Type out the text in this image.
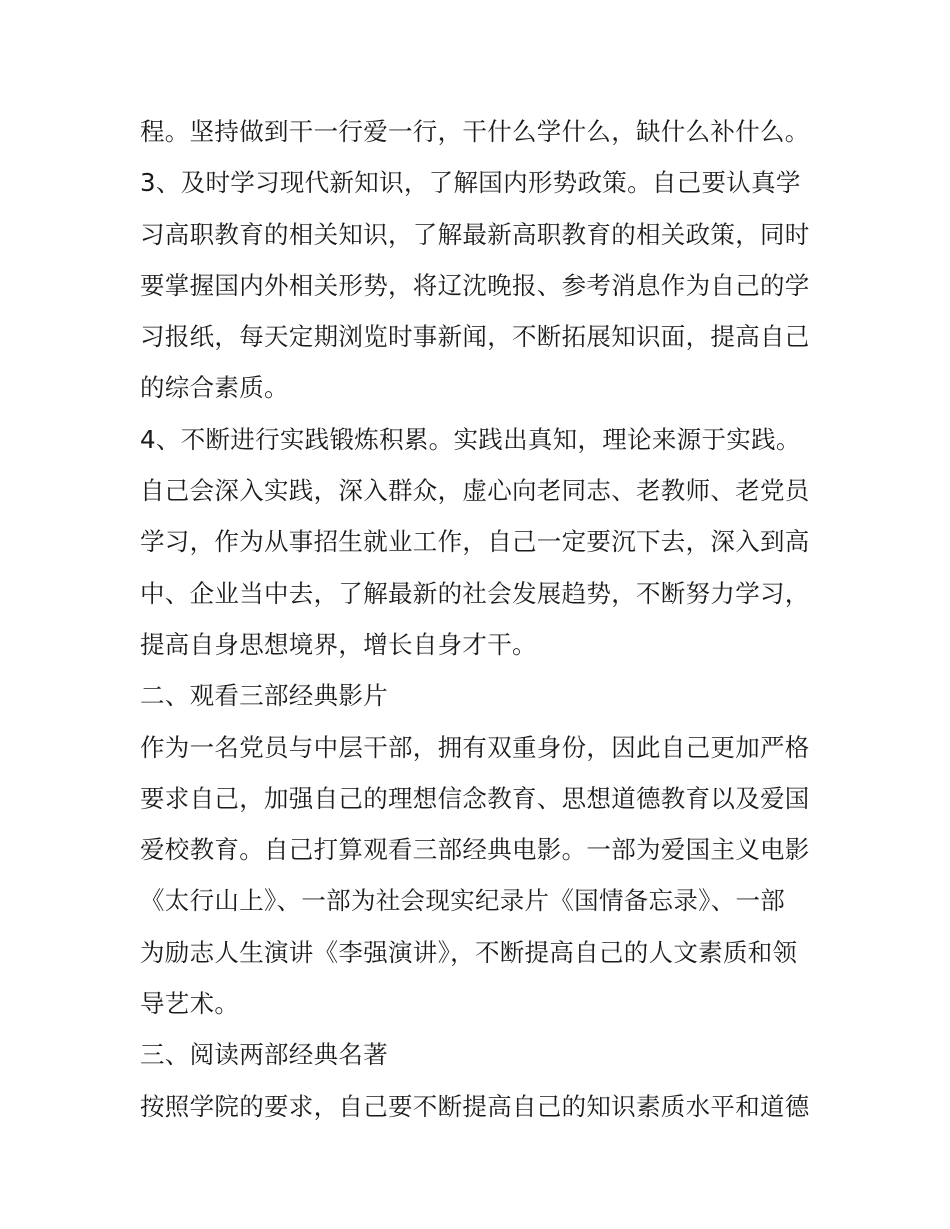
程。坚持做到干一行爱一行，干什么学什么，缺什么补什么。
3、及时学习现代新知识，了解国内形势政策。自己要认真学
习高职教育的相关知识，了解最新高职教育的相关政策，同时
要掌握国内外相关形势，将辽沈晚报、参考消息作为自己的学
习报纸，每天定期浏览时事新闻，不断拓展知识面，提高自己
的综合素质。
4、不断进行实践锻炼积累。实践出真知，理论来源于实践。
自己会深入实践，深入群众，虚心向老同志、老教师、老党员
学习，作为从事招生就业工作，自己一定要沉下去，深入到高
中、企业当中去，了解最新的社会发展趋势，不断努力学习，
提高自身思想境界，增长自身才干。
二、观看三部经典影片
作为一名党员与中层干部，拥有双重身份，因此自己更加严格
要求自己，加强自己的理想信念教育、思想道德教育以及爱国
爱校教育。自己打算观看三部经典电影。一部为爱国主义电影
《太行山上》、一部为社会现实纪录片《国情备忘录》、一部
为励志人生演讲《李强演讲》，不断提高自己的人文素质和领
导艺术。
三、阅读两部经典名著
按照学院的要求，自己要不断提高自己的知识素质水平和道德
